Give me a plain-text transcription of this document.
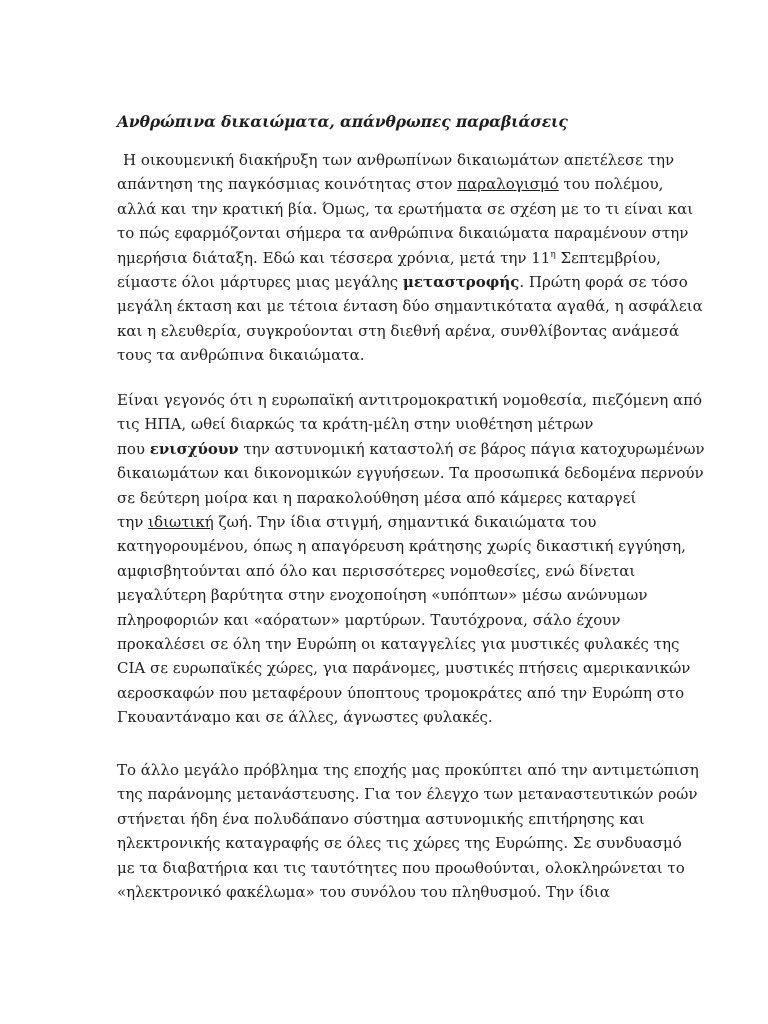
Ανθρώπινα δικαιώματα, απάνθρωπες παραβιάσεις

Η οικουμενική διακήρυξη των ανθρωπίνων δικαιωμάτων απετέλεσε την
απάντηση της παγκόσμιας κοινότητας στον παραλογισμό του πολέμου,
αλλά και την κρατική βία. Όμως, τα ερωτήματα σε σχέση με το τι είναι και
το πώς εφαρμόζονται σήμερα τα ανθρώπινα δικαιώματα παραμένουν στην
ημερήσια διάταξη. Εδώ και τέσσερα χρόνια, μετά την $11^\eta$ Σεπτεμβρίου,
είμαστε όλοι μάρτυρες μιας μεγάλης μεταστροφής. Πρώτη φορά σε τόσο
μεγάλη έκταση και με τέτοια ένταση δύο σημαντικότατα αγαθά, η ασφάλεια
και η ελευθερία, συγκρούονται στη διεθνή αρένα, συνθλίβοντας ανάμεσά
τους τα ανθρώπινα δικαιώματα.

Είναι γεγονός ότι η ευρωπαϊκή αντιτρομοκρατική νομοθεσία, πιεζόμενη από
τις ΗΠΑ, ωθεί διαρκώς τα κράτη-μέλη στην υιοθέτηση μέτρων
που ενισχύουν την αστυνομική καταστολή σε βάρος πάγια κατοχυρωμένων
δικαιωμάτων και δικονομικών εγγυήσεων. Τα προσωπικά δεδομένα περνούν
σε δεύτερη μοίρα και η παρακολούθηση μέσα από κάμερες καταργεί
την ιδιωτική ζωή. Την ίδια στιγμή, σημαντικά δικαιώματα του
κατηγορουμένου, όπως η απαγόρευση κράτησης χωρίς δικαστική εγγύηση,
αμφισβητούνται από όλο και περισσότερες νομοθεσίες, ενώ δίνεται
μεγαλύτερη βαρύτητα στην ενοχοποίηση «υπόπτων» μέσω ανώνυμων
πληροφοριών και «αόρατων» μαρτύρων. Ταυτόχρονα, σάλο έχουν
προκαλέσει σε όλη την Ευρώπη οι καταγγελίες για μυστικές φυλακές της
CIA σε ευρωπαϊκές χώρες, για παράνομες, μυστικές πτήσεις αμερικανικών
αεροσκαφών που μεταφέρουν ύποπτους τρομοκράτες από την Ευρώπη στο
Γκουαντάναμο και σε άλλες, άγνωστες φυλακές.

Το άλλο μεγάλο πρόβλημα της εποχής μας προκύπτει από την αντιμετώπιση
της παράνομης μετανάστευσης. Για τον έλεγχο των μεταναστευτικών ροών
στήνεται ήδη ένα πολυδάπανο σύστημα αστυνομικής επιτήρησης και
ηλεκτρονικής καταγραφής σε όλες τις χώρες της Ευρώπης. Σε συνδυασμό
με τα διαβατήρια και τις ταυτότητες που προωθούνται, ολοκληρώνεται το
«ηλεκτρονικό φακέλωμα» του συνόλου του πληθυσμού. Την ίδια
